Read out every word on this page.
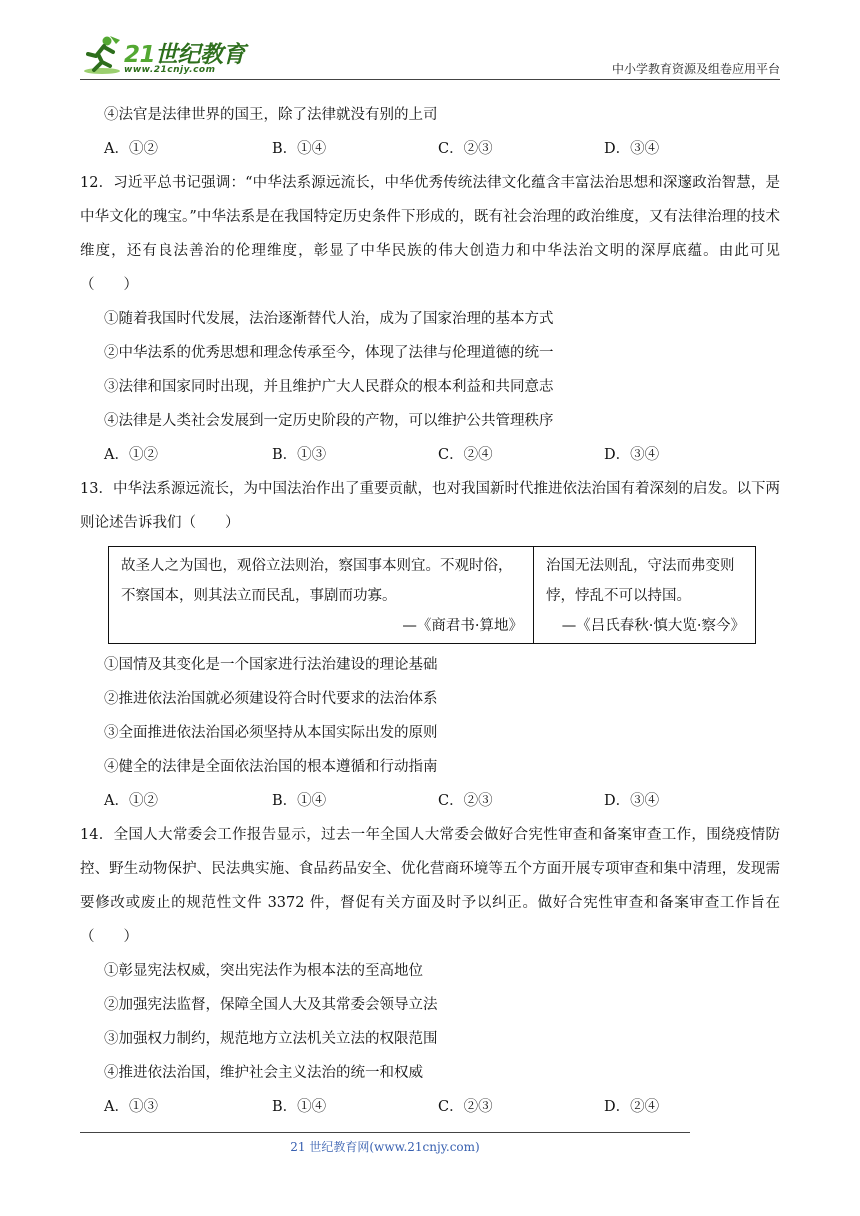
21世纪教育
www.21cnjy.com	中小学教育资源及组卷应用平台

④法官是法律世界的国王，除了法律就没有别的上司

A．①②	B．①④	C．②③	D．③④

12．习近平总书记强调：“中华法系源远流长，中华优秀传统法律文化蕴含丰富法治思想和深邃政治智慧，是中华文化的瑰宝。”中华法系是在我国特定历史条件下形成的，既有社会治理的政治维度，又有法律治理的技术维度，还有良法善治的伦理维度，彰显了中华民族的伟大创造力和中华法治文明的深厚底蕴。由此可见（　　）

①随着我国时代发展，法治逐渐替代人治，成为了国家治理的基本方式

②中华法系的优秀思想和理念传承至今，体现了法律与伦理道德的统一

③法律和国家同时出现，并且维护广大人民群众的根本利益和共同意志

④法律是人类社会发展到一定历史阶段的产物，可以维护公共管理秩序

A．①②	B．①③	C．②④	D．③④

13．中华法系源远流长，为中国法治作出了重要贡献，也对我国新时代推进依法治国有着深刻的启发。以下两则论述告诉我们（　　）

故圣人之为国也，观俗立法则治，察国事本则宜。不观时俗，不察国本，则其法立而民乱，事剧而功寡。
—《商君书·算地》

治国无法则乱，守法而弗变则悖，悖乱不可以持国。
—《吕氏春秋·慎大览·察今》

①国情及其变化是一个国家进行法治建设的理论基础

②推进依法治国就必须建设符合时代要求的法治体系

③全面推进依法治国必须坚持从本国实际出发的原则

④健全的法律是全面依法治国的根本遵循和行动指南

A．①②	B．①④	C．②③	D．③④

14．全国人大常委会工作报告显示，过去一年全国人大常委会做好合宪性审查和备案审查工作，围绕疫情防控、野生动物保护、民法典实施、食品药品安全、优化营商环境等五个方面开展专项审查和集中清理，发现需要修改或废止的规范性文件 3372 件，督促有关方面及时予以纠正。做好合宪性审查和备案审查工作旨在（　　）

①彰显宪法权威，突出宪法作为根本法的至高地位

②加强宪法监督，保障全国人大及其常委会领导立法

③加强权力制约，规范地方立法机关立法的权限范围

④推进依法治国，维护社会主义法治的统一和权威

A．①③	B．①④	C．②③	D．②④
21 世纪教育网(www.21cnjy.com)
